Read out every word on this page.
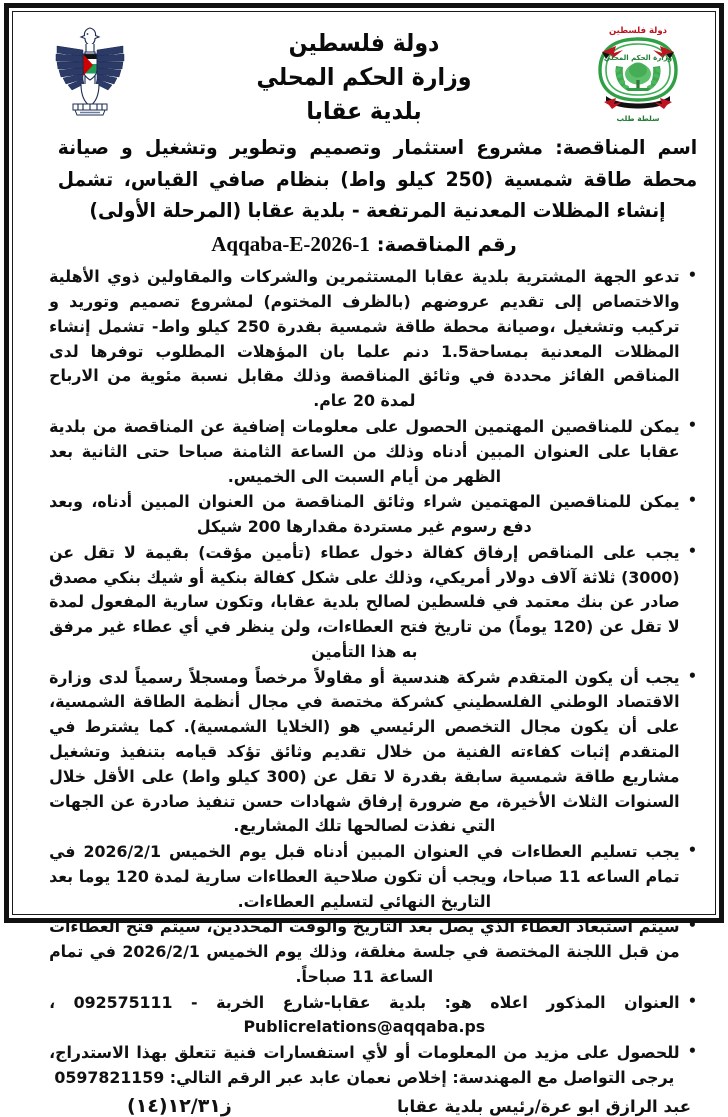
دولة فلسطين
وزارة الحكم المحلي
بلدية عقابا
دولة فلسطين
وزارة الحكم المحلي
سلطة طلب
اسم المناقصة: مشروع استثمار وتصميم وتطوير وتشغيل و صيانة محطة طاقة شمسية (250 كيلو واط) بنظام صافي القياس، تشمل إنشاء المظلات المعدنية المرتفعة - بلدية عقابا (المرحلة الأولى)
رقم المناقصة: Aqqaba-E-2026-1
• تدعو الجهة المشترية بلدية عقابا المستثمرين والشركات والمقاولين ذوي الأهلية والاختصاص إلى تقديم عروضهم (بالظرف المختوم) لمشروع تصميم وتوريد و تركيب وتشغيل ،وصيانة محطة طاقة شمسية بقدرة 250 كيلو واط- تشمل إنشاء المظلات المعدنية بمساحة1.5 دنم علما بان المؤهلات المطلوب توفرها لدى المناقص الفائز محددة في وثائق المناقصة وذلك مقابل نسبة مئوية من الارباح لمدة 20 عام.
• يمكن للمناقصين المهتمين الحصول على معلومات إضافية عن المناقصة من بلدية عقابا على العنوان المبين أدناه وذلك من الساعة الثامنة صباحا حتى الثانية بعد الظهر من أيام السبت الى الخميس.
• يمكن للمناقصين المهتمين شراء وثائق المناقصة من العنوان المبين أدناه، وبعد دفع رسوم غير مستردة مقدارها 200 شيكل
• يجب على المناقص إرفاق كفالة دخول عطاء (تأمين مؤقت) بقيمة لا تقل عن (3000) ثلاثة آلاف دولار أمريكي، وذلك على شكل كفالة بنكية أو شيك بنكي مصدق صادر عن بنك معتمد في فلسطين لصالح بلدية عقابا، وتكون سارية المفعول لمدة لا تقل عن (120 يوماً) من تاريخ فتح العطاءات، ولن ينظر في أي عطاء غير مرفق به هذا التأمين
• يجب أن يكون المتقدم شركة هندسية أو مقاولاً مرخصاً ومسجلاً رسمياً لدى وزارة الاقتصاد الوطني الفلسطيني كشركة مختصة في مجال أنظمة الطاقة الشمسية، على أن يكون مجال التخصص الرئيسي هو (الخلايا الشمسية). كما يشترط في المتقدم إثبات كفاءته الفنية من خلال تقديم وثائق تؤكد قيامه بتنفيذ وتشغيل مشاريع طاقة شمسية سابقة بقدرة لا تقل عن (300 كيلو واط) على الأقل خلال السنوات الثلاث الأخيرة، مع ضرورة إرفاق شهادات حسن تنفيذ صادرة عن الجهات التي نفذت لصالحها تلك المشاريع.
• يجب تسليم العطاءات في العنوان المبين أدناه قبل يوم الخميس 2026/2/1 في تمام الساعه 11 صباحا، ويجب أن تكون صلاحية العطاءات سارية لمدة 120 يوما بعد التاريخ النهائي لتسليم العطاءات.
• سيتم استبعاد العطاء الذي يصل بعد التاريخ والوقت المحددين، سيتم فتح العطاءات من قبل اللجنة المختصة في جلسة مغلقة، وذلك يوم الخميس 2026/2/1 في تمام الساعة 11 صباحاً.
• العنوان المذكور اعلاه هو: بلدية عقابا-شارع الخربة - 092575111 ، Publicrelations@aqqaba.ps
• للحصول على مزيد من المعلومات أو لأي استفسارات فنية تتعلق بهذا الاستدراج، يرجى التواصل مع المهندسة: إخلاص نعمان عابد عبر الرقم التالي: 0597821159
عبد الرازق ابو عرة/رئيس بلدية عقابا
ز١٢/٣١(١٤)
